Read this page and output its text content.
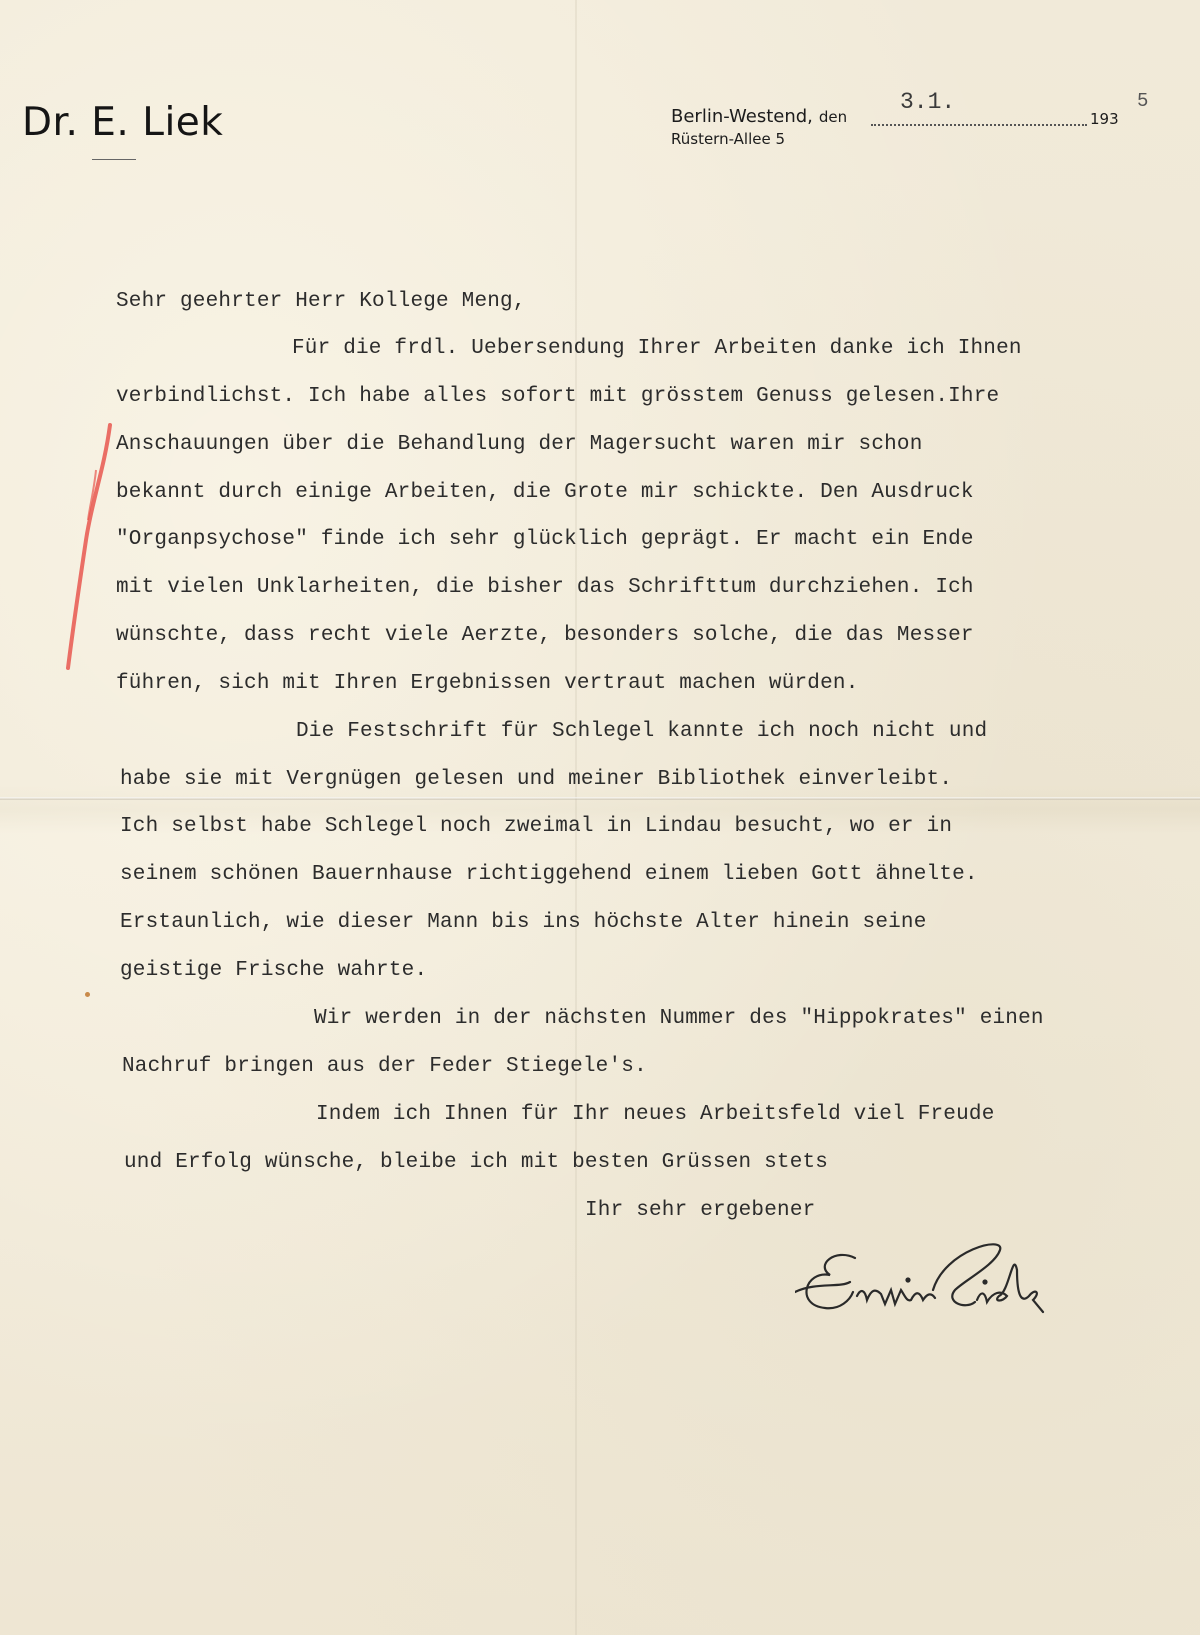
Dr. E. Liek	Berlin-Westend, den	193
Rüstern-Allee 5
3.1.	5
Sehr geehrter Herr Kollege Meng,
Für die frdl. Uebersendung Ihrer Arbeiten danke ich Ihnen
verbindlichst. Ich habe alles sofort mit grösstem Genuss gelesen.Ihre
Anschauungen über die Behandlung der Magersucht waren mir schon
bekannt durch einige Arbeiten, die Grote mir schickte. Den Ausdruck
"Organpsychose" finde ich sehr glücklich geprägt. Er macht ein Ende
mit vielen Unklarheiten, die bisher das Schrifttum durchziehen. Ich
wünschte, dass recht viele Aerzte, besonders solche, die das Messer
führen, sich mit Ihren Ergebnissen vertraut machen würden.
Die Festschrift für Schlegel kannte ich noch nicht und
habe sie mit Vergnügen gelesen und meiner Bibliothek einverleibt.
Ich selbst habe Schlegel noch zweimal in Lindau besucht, wo er in
seinem schönen Bauernhause richtiggehend einem lieben Gott ähnelte.
Erstaunlich, wie dieser Mann bis ins höchste Alter hinein seine
geistige Frische wahrte.
Wir werden in der nächsten Nummer des "Hippokrates" einen
Nachruf bringen aus der Feder Stiegele's.
Indem ich Ihnen für Ihr neues Arbeitsfeld viel Freude
und Erfolg wünsche, bleibe ich mit besten Grüssen stets
Ihr sehr ergebener
